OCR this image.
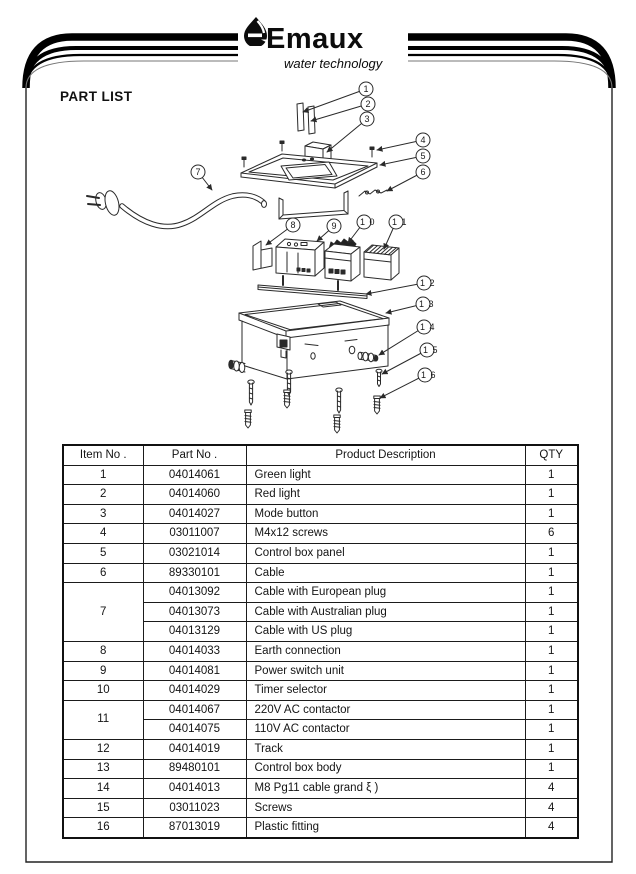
1
2
3
4
5
6
7
8	9	1 0 1 1
1 2
1 3
1 4
1 5
1 6
Emaux
water technology
PART LIST
Item No .	Part No .	Product Description	QTY
1	04014061	Green light	1
2	04014060	Red light	1
3	04014027	Mode button	1
4	03011007	M4x12 screws	6
5	03021014	Control box panel	1
6	89330101	Cable	1
7	04013092	Cable with European plug	1
	04013073	Cable with Australian plug	1
	04013129	Cable with US plug	1
8	04014033	Earth connection	1
9	04014081	Power switch unit	1
10	04014029	Timer selector	1
11	04014067	220V AC contactor	1
	04014075	110V AC contactor	1
12	04014019	Track	1
13	89480101	Control box body	1
14	04014013	M8 Pg11 cable grand ξ )	4
15	03011023	Screws	4
16	87013019	Plastic fitting	4
